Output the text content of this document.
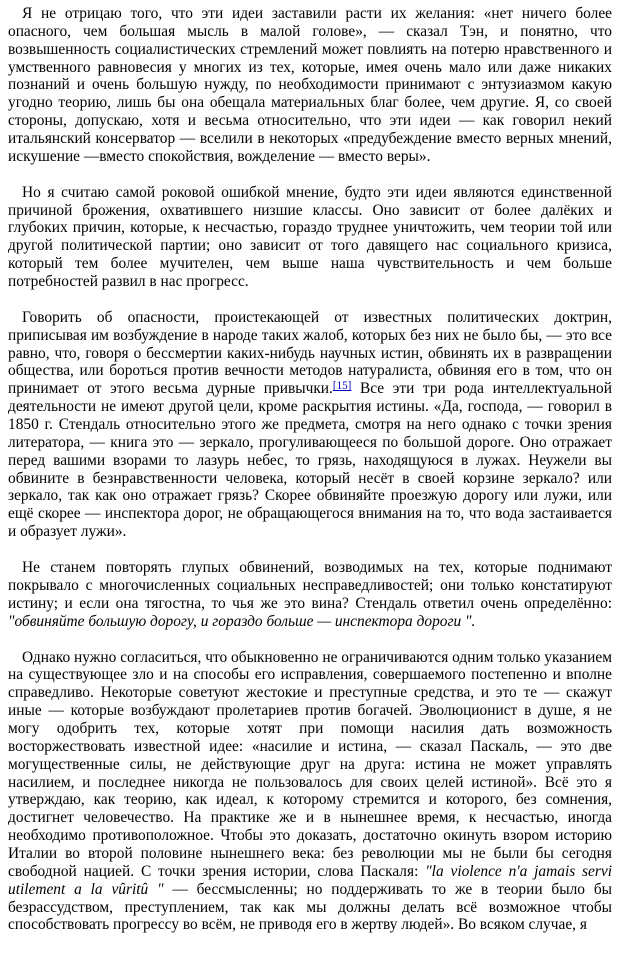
Я не отрицаю того, что эти идеи заставили расти их желания: «нет ничего более опасного, чем большая мысль в малой голове», — сказал Тэн, и понятно, что возвышенность социалистических стремлений может повлиять на потерю нравственного и умственного равновесия у многих из тех, которые, имея очень мало или даже никаких познаний и очень большую нужду, по необходимости принимают с энтузиазмом какую угодно теорию, лишь бы она обещала материальных благ более, чем другие. Я, со своей стороны, допускаю, хотя и весьма относительно, что эти идеи — как говорил некий итальянский консерватор — вселили в некоторых «предубеждение вместо верных мнений, искушение —вместо спокойствия, вожделение — вместо веры».

Но я считаю самой роковой ошибкой мнение, будто эти идеи являются единственной причиной брожения, охватившего низшие классы. Оно зависит от более далёких и глубоких причин, которые, к несчастью, гораздо труднее уничтожить, чем теории той или другой политической партии; оно зависит от того давящего нас социального кризиса, который тем более мучителен, чем выше наша чувствительность и чем больше потребностей развил в нас прогресс.

Говорить об опасности, проистекающей от известных политических доктрин, приписывая им возбуждение в народе таких жалоб, которых без них не было бы, — это все равно, что, говоря о бессмертии каких-нибудь научных истин, обвинять их в развращении общества, или бороться против вечности методов натуралиста, обвиняя его в том, что он принимает от этого весьма дурные привычки.[15] Все эти три рода интеллектуальной деятельности не имеют другой цели, кроме раскрытия истины. «Да, господа, — говорил в 1850 г. Стендаль относительно этого же предмета, смотря на него однако с точки зрения литератора, — книга это — зеркало, прогуливающееся по большой дороге. Оно отражает перед вашими взорами то лазурь небес, то грязь, находящуюся в лужах. Неужели вы обвините в безнравственности человека, который несёт в своей корзине зеркало? или зеркало, так как оно отражает грязь? Скорее обвиняйте проезжую дорогу или лужи, или ещё скорее — инспектора дорог, не обращающегося внимания на то, что вода застаивается и образует лужи».

Не станем повторять глупых обвинений, возводимых на тех, которые поднимают покрывало с многочисленных социальных несправедливостей; они только констатируют истину; и если она тягостна, то чья же это вина? Стендаль ответил очень определённо: "обвиняйте большую дорогу, и гораздо больше — инспектора дороги ".

Однако нужно согласиться, что обыкновенно не ограничиваются одним только указанием на существующее зло и на способы его исправления, совершаемого постепенно и вполне справедливо. Некоторые советуют жестокие и преступные средства, и это те — скажут иные — которые возбуждают пролетариев против богачей. Эволюционист в душе, я не могу одобрить тех, которые хотят при помощи насилия дать возможность восторжествовать известной идее: «насилие и истина, — сказал Паскаль, — это две могущественные силы, не действующие друг на друга: истина не может управлять насилием, и последнее никогда не пользовалось для своих целей истиной». Всё это я утверждаю, как теорию, как идеал, к которому стремится и которого, без сомнения, достигнет человечество. На практике же и в нынешнее время, к несчастью, иногда необходимо противоположное. Чтобы это доказать, достаточно окинуть взором историю Италии во второй половине нынешнего века: без революции мы не были бы сегодня свободной нацией. С точки зрения истории, слова Паскаля: "la violence n'a jamais servi utilement a la vûritû " — бессмысленны; но поддерживать то же в теории было бы безрассудством, преступлением, так как мы должны делать всё возможное чтобы способствовать прогрессу во всём, не приводя его в жертву людей». Во всяком случае, я
